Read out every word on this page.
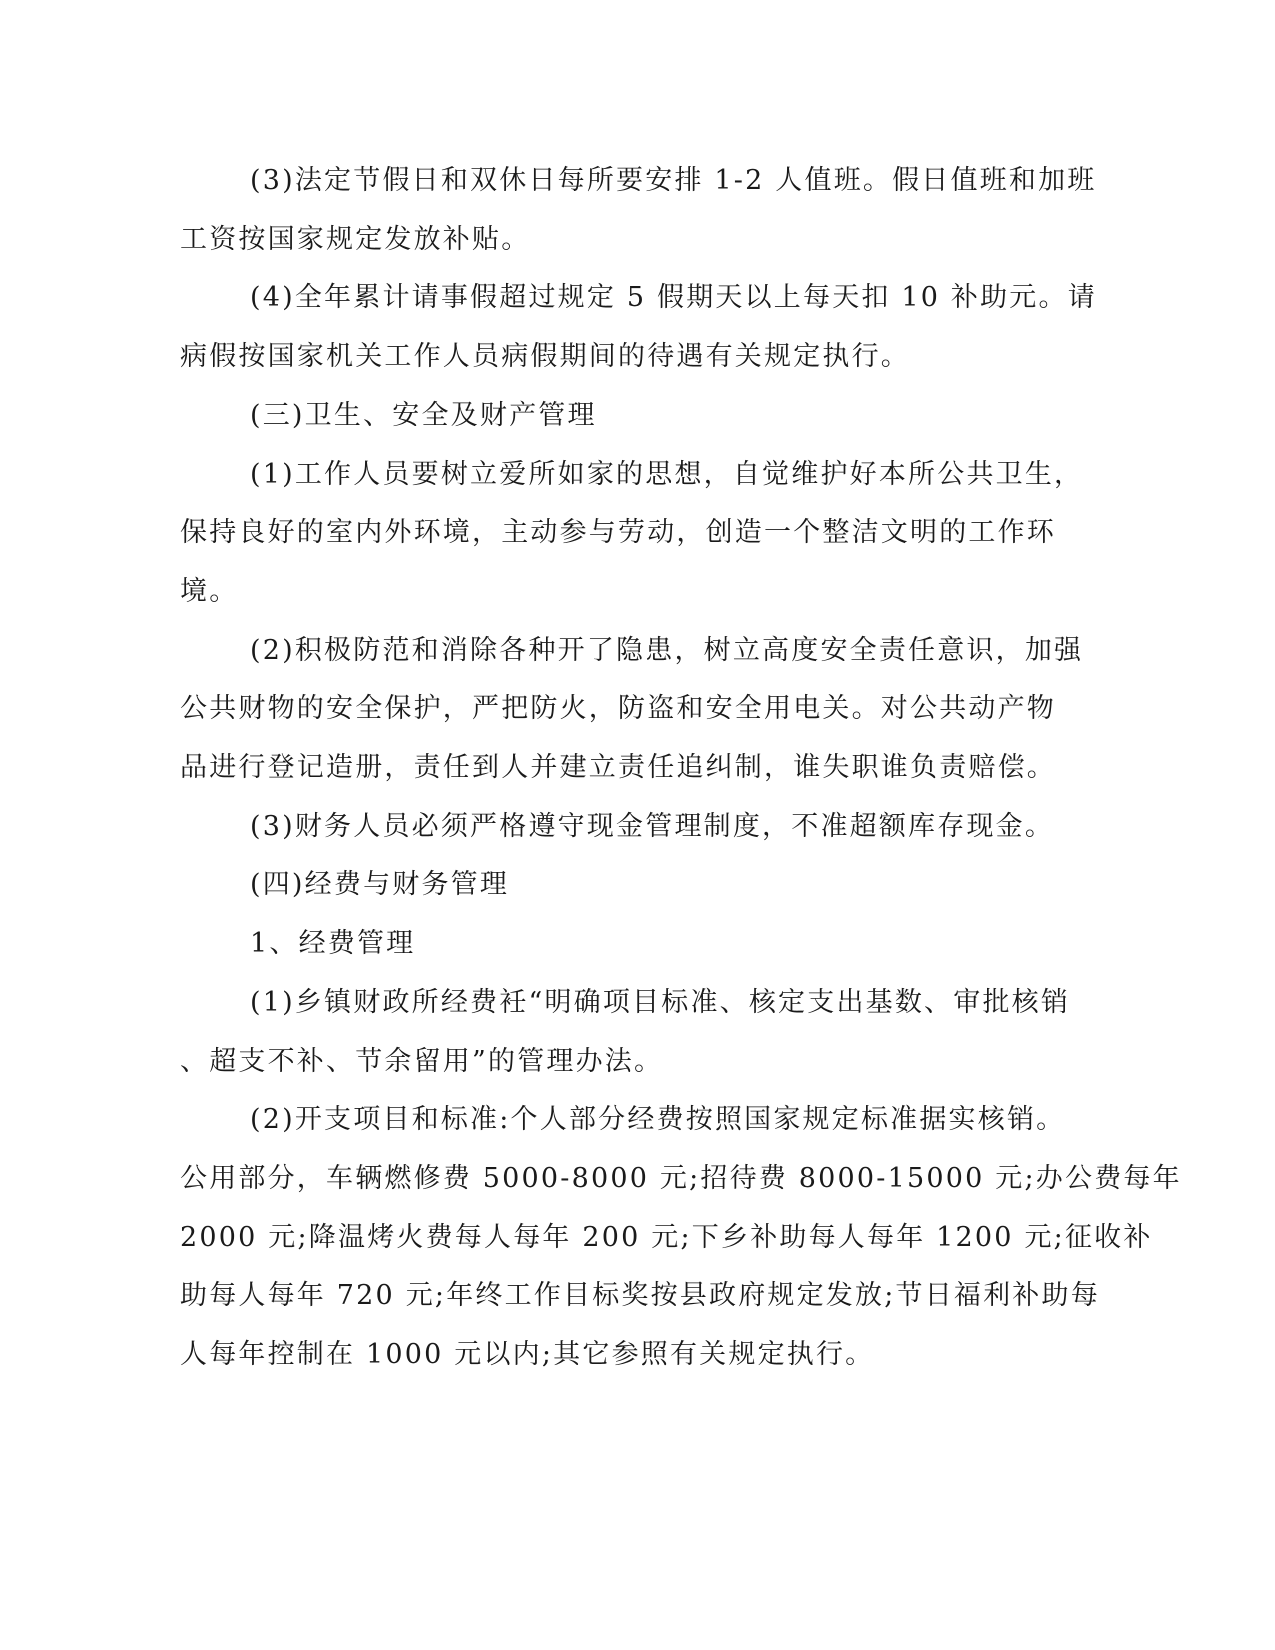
(3)法定节假日和双休日每所要安排 1-2 人值班。假日值班和加班
工资按国家规定发放补贴。

(4)全年累计请事假超过规定 5 假期天以上每天扣 10 补助元。请
病假按国家机关工作人员病假期间的待遇有关规定执行。

(三)卫生、安全及财产管理

(1)工作人员要树立爱所如家的思想，自觉维护好本所公共卫生，
保持良好的室内外环境，主动参与劳动，创造一个整洁文明的工作环
境。

(2)积极防范和消除各种开了隐患，树立高度安全责任意识，加强
公共财物的安全保护，严把防火，防盗和安全用电关。对公共动产物
品进行登记造册，责任到人并建立责任追纠制，谁失职谁负责赔偿。

(3)财务人员必须严格遵守现金管理制度，不准超额库存现金。

(四)经费与财务管理

1、经费管理

(1)乡镇财政所经费衽“明确项目标准、核定支出基数、审批核销
、超支不补、节余留用”的管理办法。

(2)开支项目和标准:个人部分经费按照国家规定标准据实核销。
公用部分，车辆燃修费 5000-8000 元;招待费 8000-15000 元;办公费每年
2000 元;降温烤火费每人每年 200 元;下乡补助每人每年 1200 元;征收补
助每人每年 720 元;年终工作目标奖按县政府规定发放;节日福利补助每
人每年控制在 1000 元以内;其它参照有关规定执行。
